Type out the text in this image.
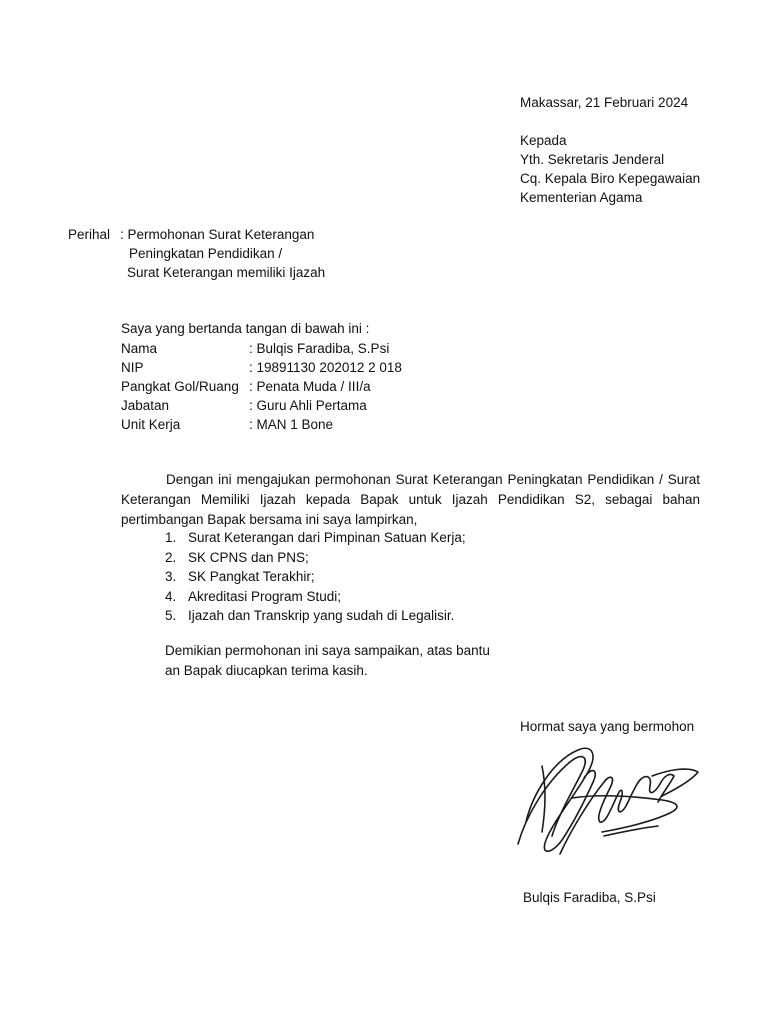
Makassar, 21 Februari 2024
Kepada
Yth. Sekretaris Jenderal
Cq. Kepala Biro Kepegawaian
Kementerian Agama
Perihal : Permohonan Surat Keterangan
Peningkatan Pendidikan /
Surat Keterangan memiliki Ijazah
Saya yang bertanda tangan di bawah ini :
Nama	: Bulqis Faradiba, S.Psi
NIP	: 19891130 202012 2 018
Pangkat Gol/Ruang : Penata Muda / III/a
Jabatan	: Guru Ahli Pertama
Unit Kerja	: MAN 1 Bone
Dengan ini mengajukan permohonan Surat Keterangan Peningkatan Pendidikan / Surat Keterangan Memiliki Ijazah kepada Bapak untuk Ijazah Pendidikan S2, sebagai bahan pertimbangan Bapak bersama ini saya lampirkan,
1. Surat Keterangan dari Pimpinan Satuan Kerja;
2. SK CPNS dan PNS;
3. SK Pangkat Terakhir;
4. Akreditasi Program Studi;
5. Ijazah dan Transkrip yang sudah di Legalisir.
Demikian permohonan ini saya sampaikan, atas bantu
an Bapak diucapkan terima kasih.
Hormat saya yang bermohon
Bulqis Faradiba, S.Psi
